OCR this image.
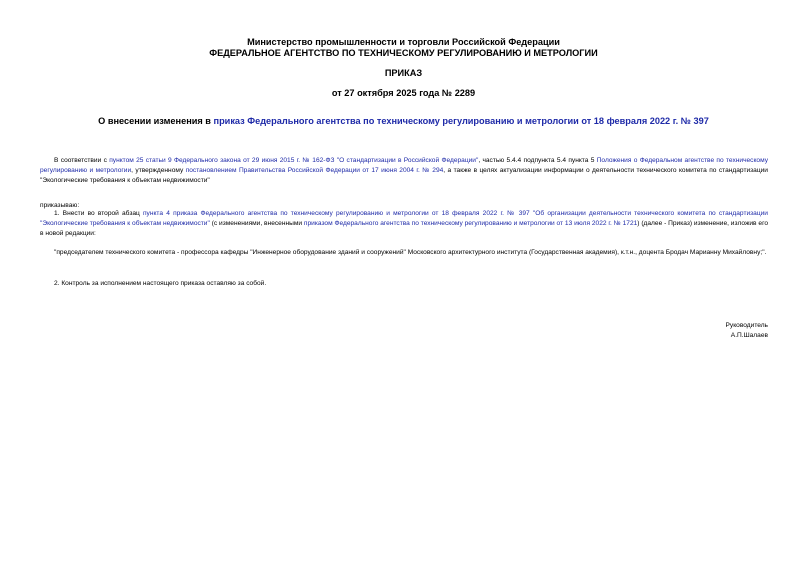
Министерство промышленности и торговли Российской Федерации
ФЕДЕРАЛЬНОЕ АГЕНТСТВО ПО ТЕХНИЧЕСКОМУ РЕГУЛИРОВАНИЮ И МЕТРОЛОГИИ
ПРИКАЗ
от 27 октября 2025 года № 2289
О внесении изменения в приказ Федерального агентства по техническому регулированию и метрологии от 18 февраля 2022 г. № 397
В соответствии с пунктом 25 статьи 9 Федерального закона от 29 июня 2015 г. № 162-ФЗ "О стандартизации в Российской Федерации", частью 5.4.4 подпункта 5.4 пункта 5 Положения о Федеральном агентстве по техническому регулированию и метрологии, утвержденному постановлением Правительства Российской Федерации от 17 июня 2004 г. № 294, а также в целях актуализации информации о деятельности технического комитета по стандартизации "Экологические требования к объектам недвижимости"
приказываю:
1. Внести во второй абзац пункта 4 приказа Федерального агентства по техническому регулированию и метрологии от 18 февраля 2022 г. № 397 "Об организации деятельности технического комитета по стандартизации "Экологические требования к объектам недвижимости" (с изменениями, внесенными приказом Федерального агентства по техническому регулированию и метрологии от 13 июля 2022 г. № 1721) (далее - Приказ) изменение, изложив его в новой редакции:
"председателем технического комитета - профессора кафедры "Инженерное оборудование зданий и сооружений" Московского архитектурного института (Государственная академия), к.т.н., доцента Бродач Марианну Михайловну;".
2. Контроль за исполнением настоящего приказа оставляю за собой.
Руководитель
А.П.Шалаев
